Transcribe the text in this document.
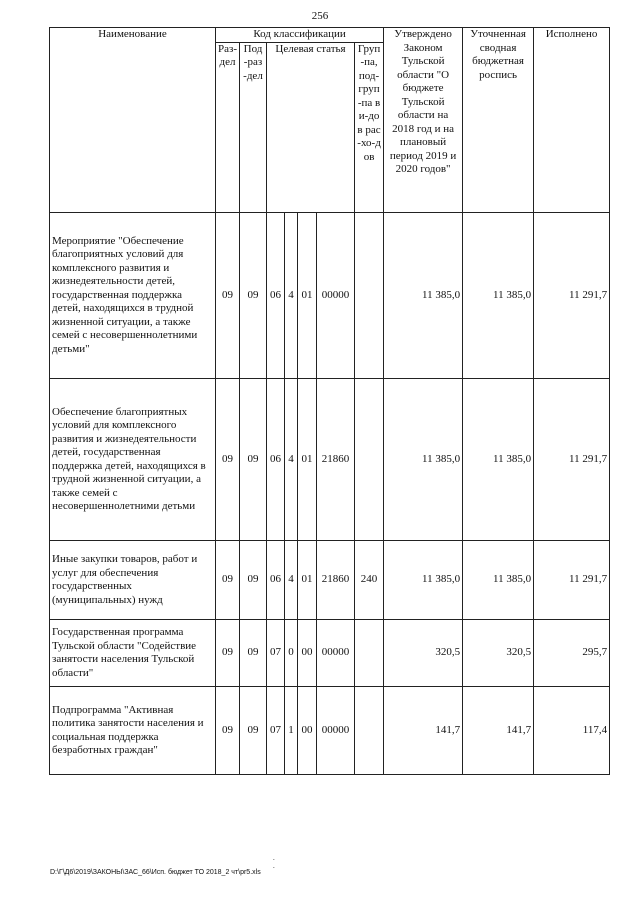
256
Наименование	Код классификации							Утверждено Законом Тульской области "О бюджете Тульской области на 2018 год и на плановый период 2019 и 2020 годов"	Уточненная сводная бюджетная роспись	Исполнено
	Раз-дел	Под-раз-дел	Целевая статья				Груп-па, под-груп-па ви-дов рас-хо-дов			
Мероприятие "Обеспечение благоприятных условий для комплексного развития и жизнедеятельности детей, государственная поддержка детей, находящихся в трудной жизненной ситуации, а также семей с несовершеннолетними детьми"	09	09	06	4	01	00000		11 385,0	11 385,0	11 291,7
Обеспечение благоприятных условий для комплексного развития и жизнедеятельности детей, государственная поддержка детей, находящихся в трудной жизненной ситуации, а также семей с несовершеннолетними детьми	09	09	06	4	01	21860		11 385,0	11 385,0	11 291,7
Иные закупки товаров, работ и услуг для обеспечения государственных (муниципальных) нужд	09	09	06	4	01	21860	240	11 385,0	11 385,0	11 291,7
Государственная программа Тульской области "Содействие занятости населения Тульской области"	09	09	07	0	00	00000		320,5	320,5	295,7
Подпрограмма "Активная политика занятости населения и социальная поддержка безработных граждан"	09	09	07	1	00	00000		141,7	141,7	117,4
.
.
D:\Г\Д6\2019\ЗАКОНЫ\ЗАС_66\Исп. бюджет ТО 2018_2 чт\pr5.xls
